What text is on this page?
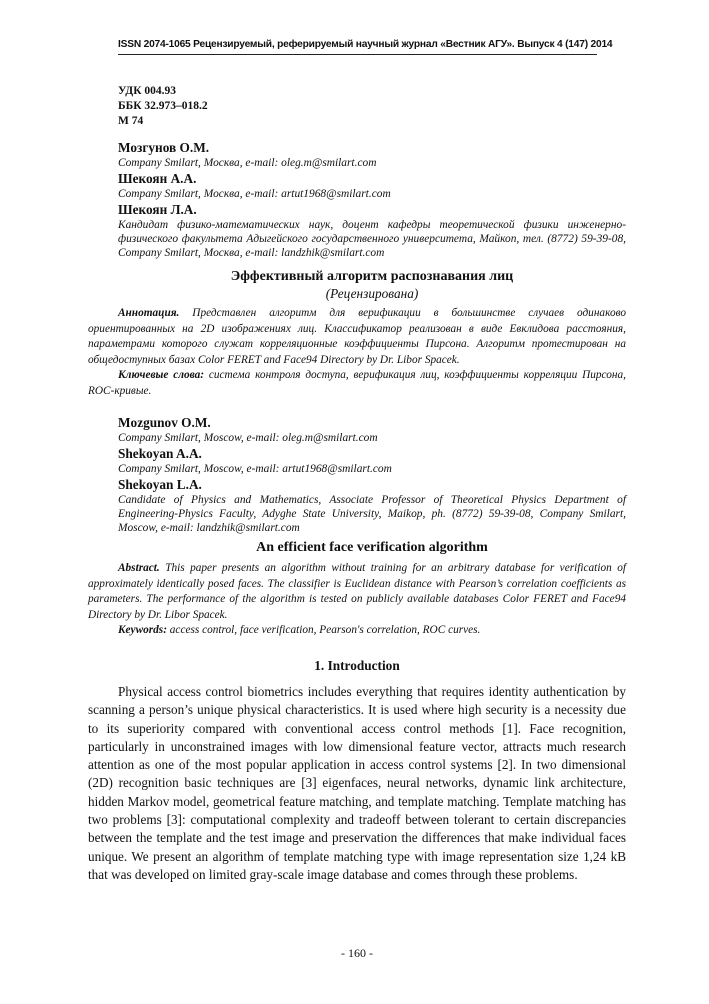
ISSN 2074-1065 Рецензируемый, реферируемый научный журнал «Вестник АГУ». Выпуск 4 (147) 2014
УДК 004.93
ББК 32.973–018.2
М 74
Мозгунов О.М.
Company Smilart, Москва, e-mail: oleg.m@smilart.com
Шекоян А.А.
Company Smilart, Москва, e-mail: artut1968@smilart.com
Шекоян Л.А.
Кандидат физико-математических наук, доцент кафедры теоретической физики инженерно-физического факультета Адыгейского государственного университета, Майкоп, тел. (8772) 59-39-08, Company Smilart, Москва, e-mail: landzhik@smilart.com
Эффективный алгоритм распознавания лиц
(Рецензирована)

Аннотация. Представлен алгоритм для верификации в большинстве случаев одинаково ориентированных на 2D изображениях лиц. Классификатор реализован в виде Евклидова расстояния, параметрами которого служат корреляционные коэффициенты Пирсона. Алгоритм протестирован на общедоступных базах Color FERET and Face94 Directory by Dr. Libor Spacek.

Ключевые слова: система контроля доступа, верификация лиц, коэффициенты корреляции Пирсона, ROC-кривые.

Mozgunov O.M.
Company Smilart, Moscow, e-mail: oleg.m@smilart.com
Shekoyan A.A.
Company Smilart, Moscow, e-mail: artut1968@smilart.com
Shekoyan L.A.
Candidate of Physics and Mathematics, Associate Professor of Theoretical Physics Department of Engineering-Physics Faculty, Adyghe State University, Maikop, ph. (8772) 59-39-08, Company Smilart, Moscow, e-mail: landzhik@smilart.com
An efficient face verification algorithm

Abstract. This paper presents an algorithm without training for an arbitrary database for verification of approximately identically posed faces. The classifier is Euclidean distance with Pearson’s correlation coefficients as parameters. The performance of the algorithm is tested on publicly available databases Color FERET and Face94 Directory by Dr. Libor Spacek.

Keywords: access control, face verification, Pearson's correlation, ROC curves.

1. Introduction

Physical access control biometrics includes everything that requires identity authentication by scanning a person’s unique physical characteristics. It is used where high security is a necessity due to its superiority compared with conventional access control methods [1]. Face recognition, particularly in unconstrained images with low dimensional feature vector, attracts much research attention as one of the most popular application in access control systems [2]. In two dimensional (2D) recognition basic techniques are [3] eigenfaces, neural networks, dynamic link architecture, hidden Markov model, geometrical feature matching, and template matching. Template matching has two problems [3]: computational complexity and tradeoff between tolerant to certain discrepancies between the template and the test image and preservation the differences that make individual faces unique. We present an algorithm of template matching type with image representation size 1,24 kB that was developed on limited gray-scale image database and comes through these problems.

- 160 -
